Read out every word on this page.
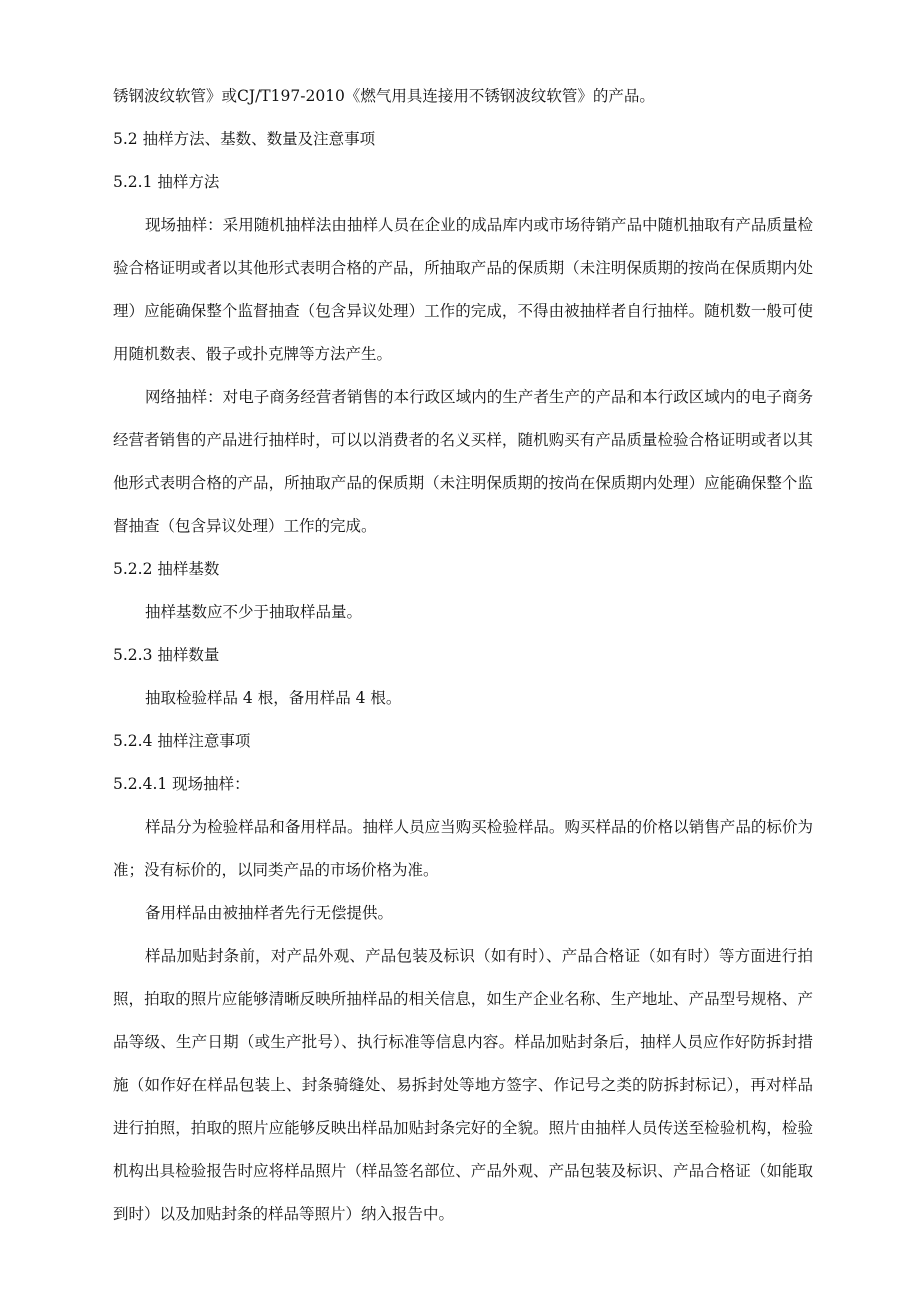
锈钢波纹软管》或CJ/T197-2010《燃气用具连接用不锈钢波纹软管》的产品。
5.2 抽样方法、基数、数量及注意事项
5.2.1 抽样方法
现场抽样：采用随机抽样法由抽样人员在企业的成品库内或市场待销产品中随机抽取有产品质量检
验合格证明或者以其他形式表明合格的产品，所抽取产品的保质期（未注明保质期的按尚在保质期内处
理）应能确保整个监督抽查（包含异议处理）工作的完成，不得由被抽样者自行抽样。随机数一般可使
用随机数表、骰子或扑克牌等方法产生。
网络抽样：对电子商务经营者销售的本行政区域内的生产者生产的产品和本行政区域内的电子商务
经营者销售的产品进行抽样时，可以以消费者的名义买样，随机购买有产品质量检验合格证明或者以其
他形式表明合格的产品，所抽取产品的保质期（未注明保质期的按尚在保质期内处理）应能确保整个监
督抽查（包含异议处理）工作的完成。
5.2.2 抽样基数
抽样基数应不少于抽取样品量。
5.2.3 抽样数量
抽取检验样品 4 根，备用样品 4 根。
5.2.4 抽样注意事项
5.2.4.1 现场抽样：
样品分为检验样品和备用样品。抽样人员应当购买检验样品。购买样品的价格以销售产品的标价为
准；没有标价的，以同类产品的市场价格为准。
备用样品由被抽样者先行无偿提供。
样品加贴封条前，对产品外观、产品包装及标识（如有时）、产品合格证（如有时）等方面进行拍
照，拍取的照片应能够清晰反映所抽样品的相关信息，如生产企业名称、生产地址、产品型号规格、产
品等级、生产日期（或生产批号）、执行标准等信息内容。样品加贴封条后，抽样人员应作好防拆封措
施（如作好在样品包装上、封条骑缝处、易拆封处等地方签字、作记号之类的防拆封标记），再对样品
进行拍照，拍取的照片应能够反映出样品加贴封条完好的全貌。照片由抽样人员传送至检验机构，检验
机构出具检验报告时应将样品照片（样品签名部位、产品外观、产品包装及标识、产品合格证（如能取
到时）以及加贴封条的样品等照片）纳入报告中。
